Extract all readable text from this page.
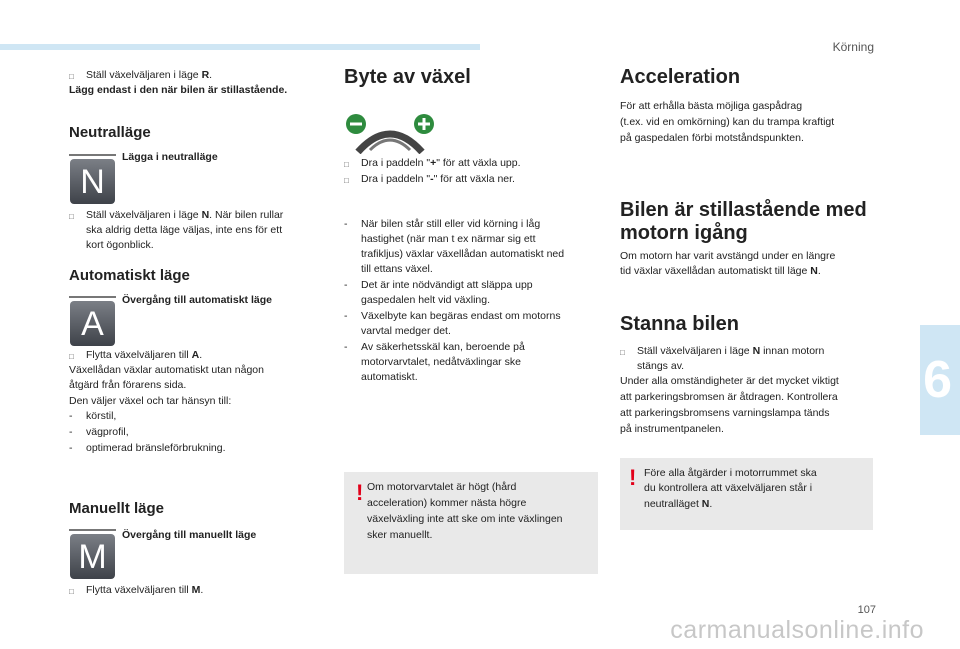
Körning
6
107
carmanualsonline.info
□ Ställ växelväljaren i läge R.

Lägg endast i den när bilen är stillastående.

Neutralläge
N
Lägga i neutralläge
□ Ställ växelväljaren i läge N. När bilen rullar

ska aldrig detta läge väljas, inte ens för ett

kort ögonblick.

Automatiskt läge
A
Övergång till automatiskt läge
□ Flytta växelväljaren till A.

Växellådan växlar automatiskt utan någon

åtgärd från förarens sida.

Den väljer växel och tar hänsyn till:

- körstil,

- vägprofil,

- optimerad bränsleförbrukning.

Manuellt läge
M
Övergång till manuellt läge
□ Flytta växelväljaren till M.

Byte av växel
□ Dra i paddeln "+" för att växla upp.

□ Dra i paddeln "-" för att växla ner.

- När bilen står still eller vid körning i låg

hastighet (när man t ex närmar sig ett

trafikljus) växlar växellådan automatiskt ned

till ettans växel.

- Det är inte nödvändigt att släppa upp

gaspedalen helt vid växling.

- Växelbyte kan begäras endast om motorns

varvtal medger det.

- Av säkerhetsskäl kan, beroende på

motorvarvtalet, nedåtväxlingar ske

automatiskt.

! Om motorvarvtalet är högt (hård

acceleration) kommer nästa högre

växelväxling inte att ske om inte växlingen

sker manuellt.

Acceleration

För att erhålla bästa möjliga gaspådrag

(t.ex. vid en omkörning) kan du trampa kraftigt

på gaspedalen förbi motståndspunkten.

Bilen är stillastående med
motorn igång

Om motorn har varit avstängd under en längre

tid växlar växellådan automatiskt till läge N.

Stanna bilen
□ Ställ växelväljaren i läge N innan motorn

stängs av.

Under alla omständigheter är det mycket viktigt

att parkeringsbromsen är åtdragen. Kontrollera

att parkeringsbromsens varningslampa tänds

på instrumentpanelen.

! Före alla åtgärder i motorrummet ska

du kontrollera att växelväljaren står i

neutralläget N.
